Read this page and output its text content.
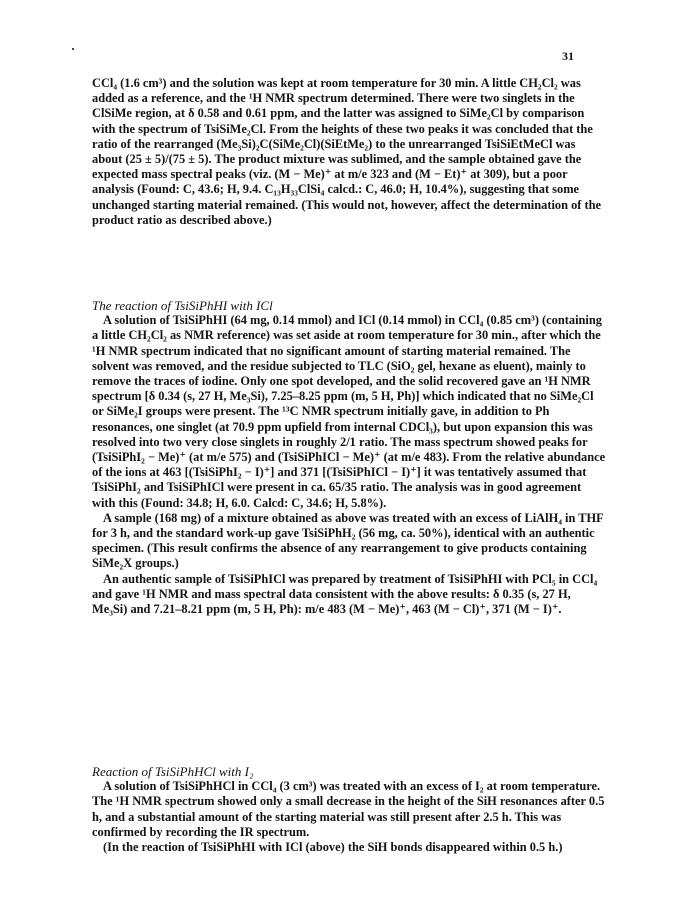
31

CCl₄ (1.6 cm³) and the solution was kept at room temperature for 30 min. A little CH₂Cl₂ was added as a reference, and the ¹H NMR spectrum determined. There were two singlets in the ClSiMe region, at δ 0.58 and 0.61 ppm, and the latter was assigned to SiMe₂Cl by comparison with the spectrum of TsiSiMe₂Cl. From the heights of these two peaks it was concluded that the ratio of the rearranged (Me₃Si)₂C(SiMe₂Cl)(SiEtMe₂) to the unrearranged TsiSiEtMeCl was about (25 ± 5)/(75 ± 5). The product mixture was sublimed, and the sample obtained gave the expected mass spectral peaks (viz. (M − Me)⁺ at m/e 323 and (M − Et)⁺ at 309), but a poor analysis (Found: C, 43.6; H, 9.4. C₁₃H₃₃ClSi₄ calcd.: C, 46.0; H, 10.4%), suggesting that some unchanged starting material remained. (This would not, however, affect the determination of the product ratio as described above.)

The reaction of TsiSiPhHI with ICl

A solution of TsiSiPhHI (64 mg, 0.14 mmol) and ICl (0.14 mmol) in CCl₄ (0.85 cm³) (containing a little CH₂Cl₂ as NMR reference) was set aside at room temperature for 30 min., after which the ¹H NMR spectrum indicated that no significant amount of starting material remained. The solvent was removed, and the residue subjected to TLC (SiO₂ gel, hexane as eluent), mainly to remove the traces of iodine. Only one spot developed, and the solid recovered gave an ¹H NMR spectrum [δ 0.34 (s, 27 H, Me₃Si), 7.25–8.25 ppm (m, 5 H, Ph)] which indicated that no SiMe₂Cl or SiMe₂I groups were present. The ¹³C NMR spectrum initially gave, in addition to Ph resonances, one singlet (at 70.9 ppm upfield from internal CDCl₃), but upon expansion this was resolved into two very close singlets in roughly 2/1 ratio. The mass spectrum showed peaks for (TsiSiPhI₂ − Me)⁺ (at m/e 575) and (TsiSiPhICl − Me)⁺ (at m/e 483). From the relative abundance of the ions at 463 [(TsiSiPhI₂ − I)⁺] and 371 [(TsiSiPhICl − I)⁺] it was tentatively assumed that TsiSiPhI₂ and TsiSiPhICl were present in ca. 65/35 ratio. The analysis was in good agreement with this (Found: 34.8; H, 6.0. Calcd: C, 34.6; H, 5.8%).

A sample (168 mg) of a mixture obtained as above was treated with an excess of LiAlH₄ in THF for 3 h, and the standard work-up gave TsiSiPhH₂ (56 mg, ca. 50%), identical with an authentic specimen. (This result confirms the absence of any rearrangement to give products containing SiMe₂X groups.)

An authentic sample of TsiSiPhICl was prepared by treatment of TsiSiPhHI with PCl₅ in CCl₄ and gave ¹H NMR and mass spectral data consistent with the above results: δ 0.35 (s, 27 H, Me₃Si) and 7.21–8.21 ppm (m, 5 H, Ph): m/e 483 (M − Me)⁺, 463 (M − Cl)⁺, 371 (M − I)⁺.

Reaction of TsiSiPhHCl with I₂

A solution of TsiSiPhHCl in CCl₄ (3 cm³) was treated with an excess of I₂ at room temperature. The ¹H NMR spectrum showed only a small decrease in the height of the SiH resonances after 0.5 h, and a substantial amount of the starting material was still present after 2.5 h. This was confirmed by recording the IR spectrum.

(In the reaction of TsiSiPhHI with ICl (above) the SiH bonds disappeared within 0.5 h.)
